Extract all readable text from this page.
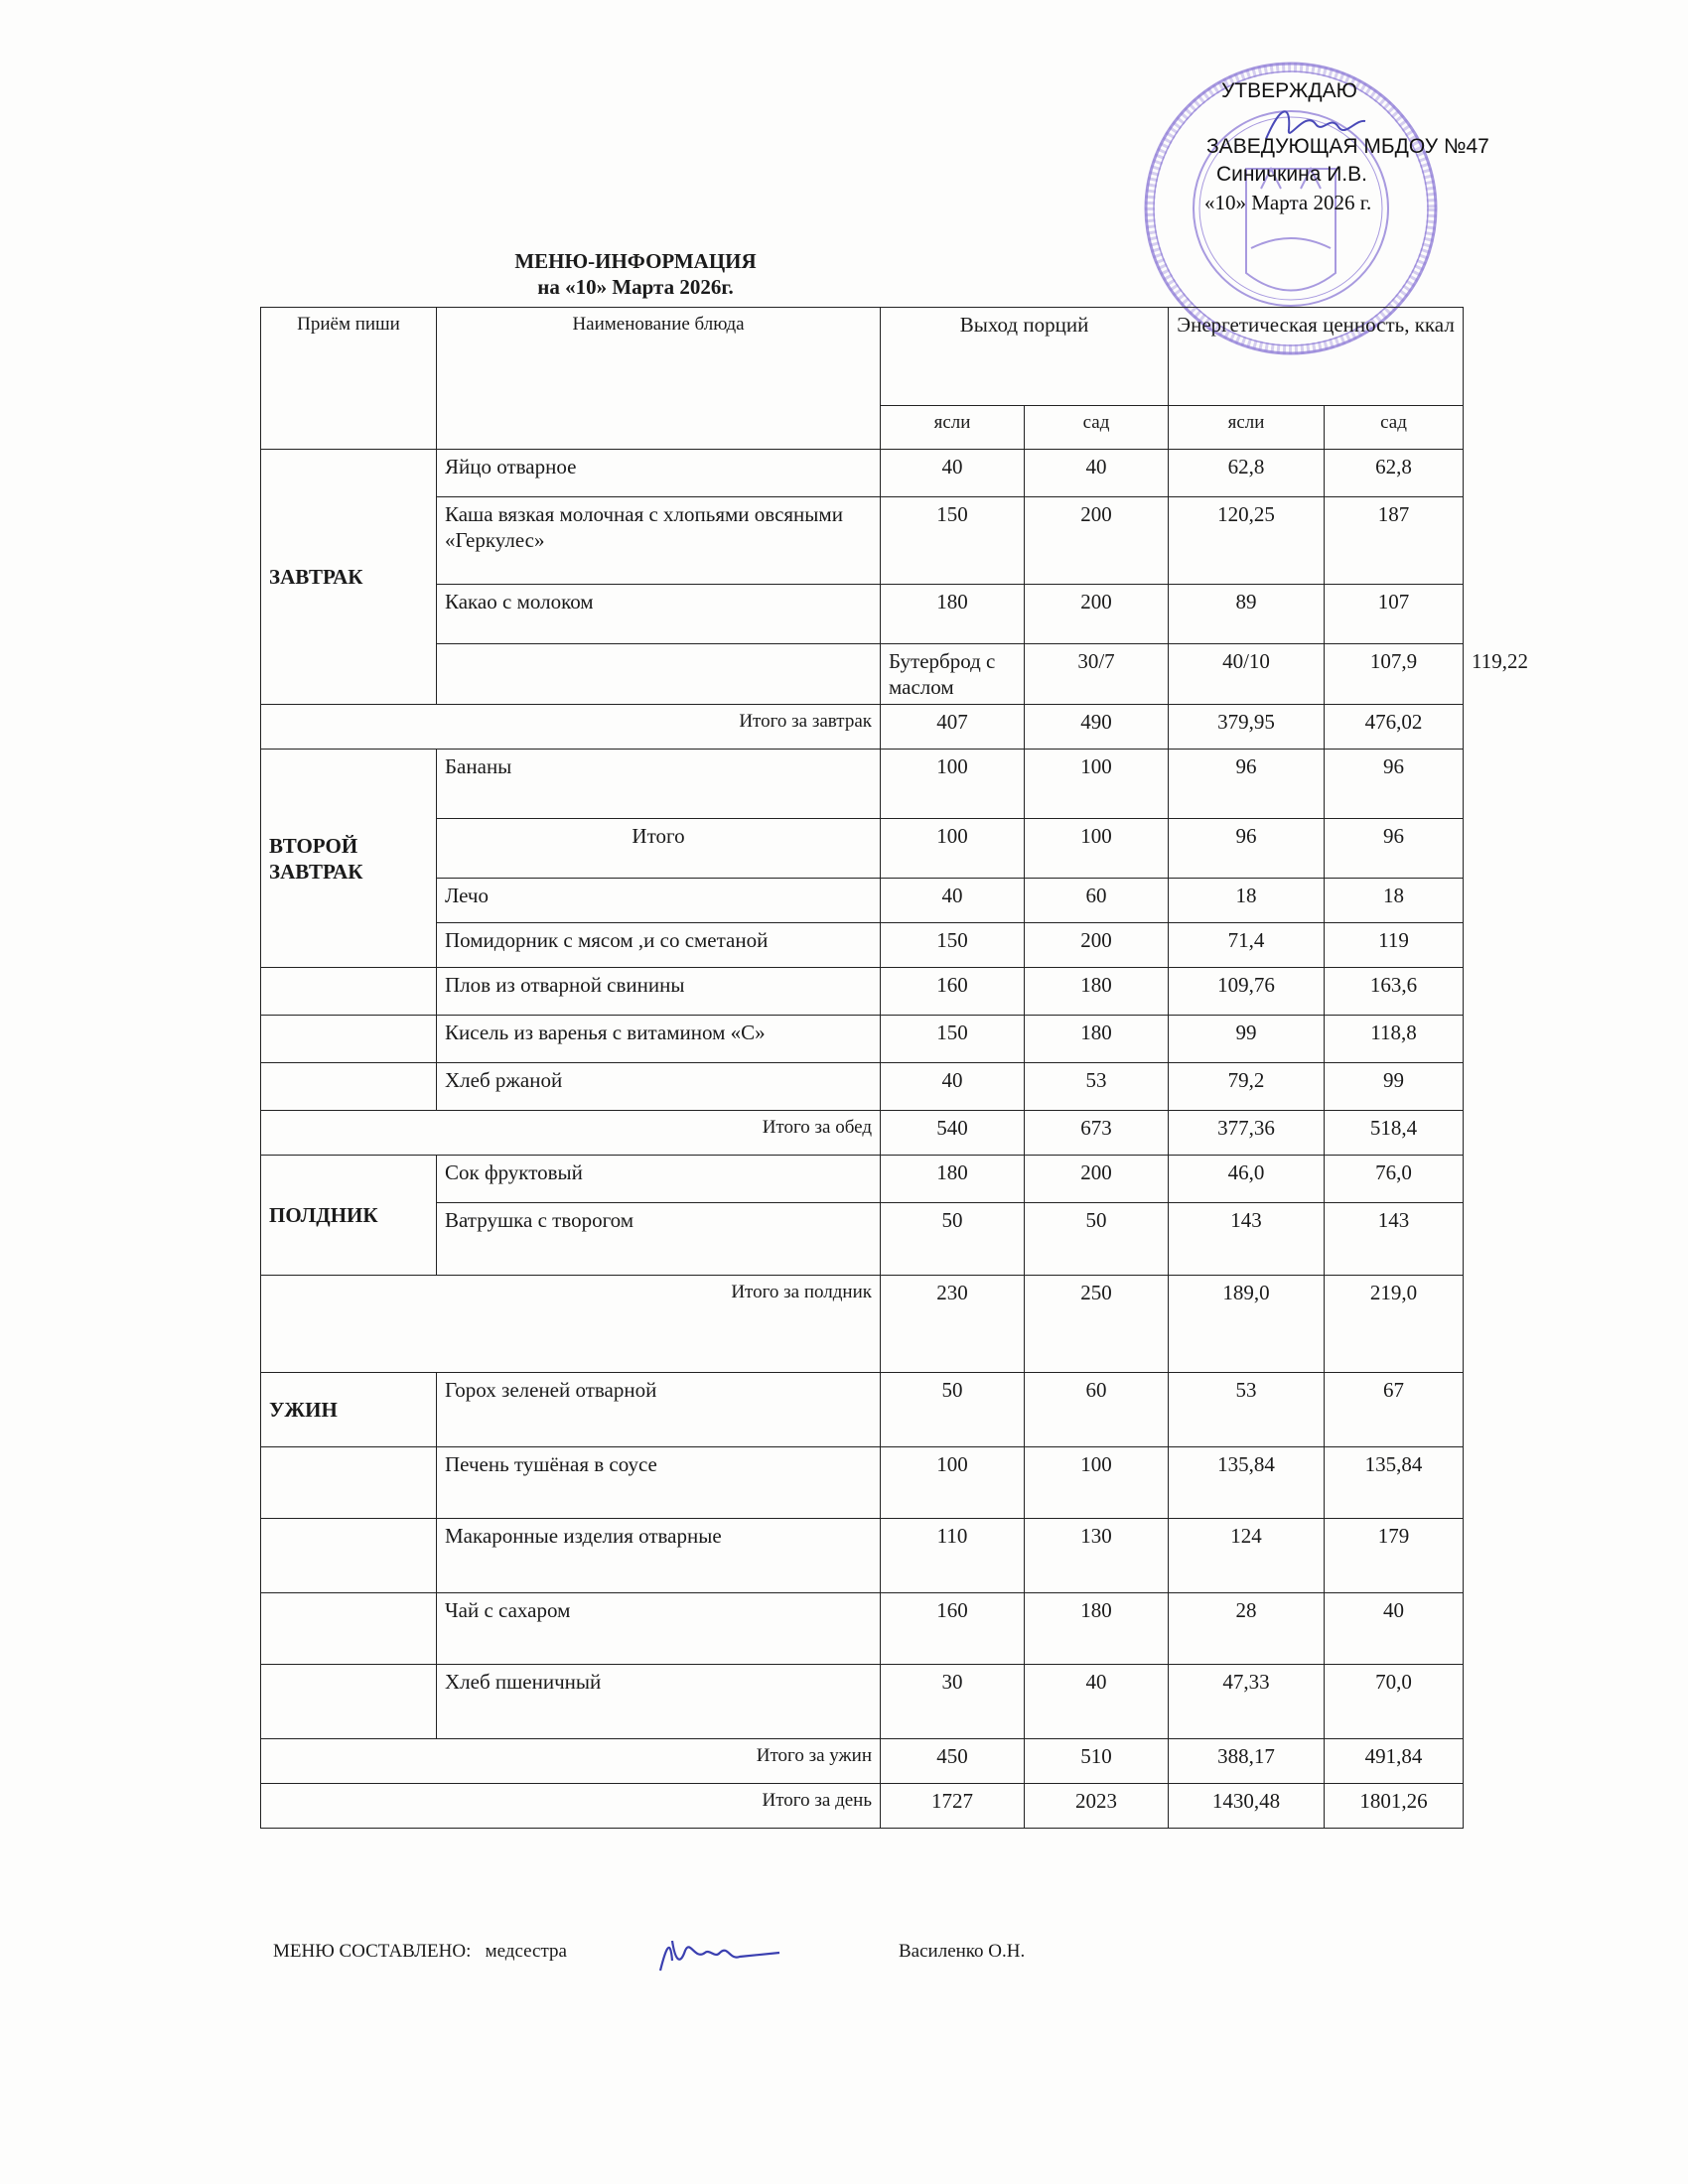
УТВЕРЖДАЮ
ЗАВЕДУЮЩАЯ МБДОУ №47
Синичкина И.В.
«10» Марта 2026 г.
МЕНЮ-ИНФОРМАЦИЯ
на «10» Марта 2026г.
Приём пиши	Наименование блюда	Выход порций		Энергетическая ценность, ккал		
		ясли	сад	ясли	сад	
ЗАВТРАК	Яйцо отварное	40	40	62,8	62,8	
	Каша вязкая молочная с хлопьями овсяными «Геркулес»	150	200	120,25	187	
	Какао с молоком	180	200	89	107	
		Бутерброд с маслом	30/7	40/10	107,9	119,22
Итого за завтрак		407	490	379,95	476,02	
ВТОРОЙ ЗАВТРАК	Бананы	100	100	96	96	
	Итого	100	100	96	96	
	Лечо	40	60	18	18	
	Помидорник с мясом ,и со сметаной	150	200	71,4	119	
	Плов из отварной свинины	160	180	109,76	163,6	
	Кисель из варенья с витамином «С»	150	180	99	118,8	
	Хлеб ржаной	40	53	79,2	99	
Итого за обед		540	673	377,36	518,4	
ПОЛДНИК	Сок фруктовый	180	200	46,0	76,0	
	Ватрушка с творогом	50	50	143	143	
Итого за полдник		230	250	189,0	219,0	
УЖИН	Горох зеленей отварной	50	60	53	67	
	Печень тушёная в соусе	100	100	135,84	135,84	
	Макаронные изделия отварные	110	130	124	179	
	Чай с сахаром	160	180	28	40	
	Хлеб пшеничный	30	40	47,33	70,0	
Итого за ужин		450	510	388,17	491,84	
Итого за день		1727	2023	1430,48	1801,26	
МЕНЮ СОСТАВЛЕНО:   медсестра	Василенко О.Н.
